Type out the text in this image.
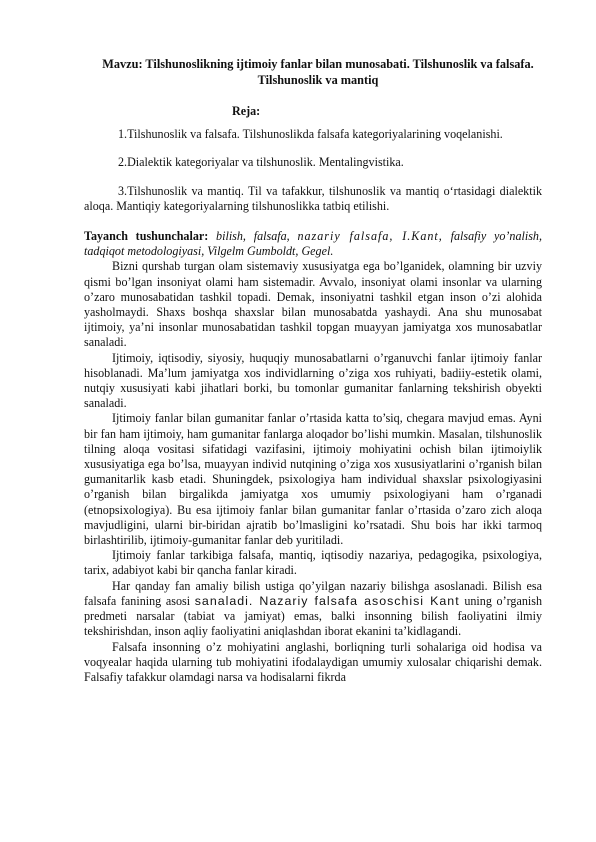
Mavzu: Tilshunoslikning ijtimoiy fanlar bilan munosabati. Tilshunoslik va falsafa. Tilshunoslik va mantiq

Reja:

1.Tilshunoslik va falsafa. Tilshunoslikda falsafa kategoriyalarining voqelanishi.

2.Dialektik kategoriyalar va tilshunoslik. Mentalingvistika.

3.Tilshunoslik va mantiq. Til va tafakkur, tilshunoslik va mantiq o‘rtasidagi dialektik aloqa. Mantiqiy kategoriyalarning tilshunoslikka tatbiq etilishi.

Tayanch tushunchalar: bilish, falsafa, nazariy falsafa, I.Kant, falsafiy yo’nalish, tadqiqot metodologiyasi, Vilgelm Gumboldt, Gegel.

Bizni qurshab turgan olam sistemaviy xususiyatga ega bo’lganidek, olamning bir uzviy qismi bo’lgan insoniyat olami ham sistemadir. Avvalo, insoniyat olami insonlar va ularning o’zaro munosabatidan tashkil topadi. Demak, insoniyatni tashkil etgan inson o’zi alohida yasholmaydi. Shaxs boshqa shaxslar bilan munosabatda yashaydi. Ana shu munosabat ijtimoiy, ya’ni insonlar munosabatidan tashkil topgan muayyan jamiyatga xos munosabatlar sanaladi.

Ijtimoiy, iqtisodiy, siyosiy, huquqiy munosabatlarni o’rganuvchi fanlar ijtimoiy fanlar hisoblanadi. Ma’lum jamiyatga xos individlarning o’ziga xos ruhiyati, badiiy-estetik olami, nutqiy xususiyati kabi jihatlari borki, bu tomonlar gumanitar fanlarning tekshirish obyekti sanaladi.

Ijtimoiy fanlar bilan gumanitar fanlar o’rtasida katta to’siq, chegara mavjud emas. Ayni bir fan ham ijtimoiy, ham gumanitar fanlarga aloqador bo’lishi mumkin. Masalan, tilshunoslik tilning aloqa vositasi sifatidagi vazifasini, ijtimoiy mohiyatini ochish bilan ijtimoiylik xususiyatiga ega bo’lsa, muayyan individ nutqining o’ziga xos xususiyatlarini o’rganish bilan gumanitarlik kasb etadi. Shuningdek, psixologiya ham individual shaxslar psixologiyasini o’rganish bilan birgalikda jamiyatga xos umumiy psixologiyani ham o’rganadi (etnopsixologiya). Bu esa ijtimoiy fanlar bilan gumanitar fanlar o’rtasida o’zaro zich aloqa mavjudligini, ularni bir-biridan ajratib bo’lmasligini ko’rsatadi. Shu bois har ikki tarmoq birlashtirilib, ijtimoiy-gumanitar fanlar deb yuritiladi.

Ijtimoiy fanlar tarkibiga falsafa, mantiq, iqtisodiy nazariya, pedagogika, psixologiya, tarix, adabiyot kabi bir qancha fanlar kiradi.

Har qanday fan amaliy bilish ustiga qo’yilgan nazariy bilishga asoslanadi. Bilish esa falsafa fanining asosi sanaladi. Nazariy falsafa asoschisi Kant uning o’rganish predmeti narsalar (tabiat va jamiyat) emas, balki insonning bilish faoliyatini ilmiy tekshirishdan, inson aqliy faoliyatini aniqlashdan iborat ekanini ta’kidlagandi.

Falsafa insonning o’z mohiyatini anglashi, borliqning turli sohalariga oid hodisa va voqyealar haqida ularning tub mohiyatini ifodalaydigan umumiy xulosalar chiqarishi demak. Falsafiy tafakkur olamdagi narsa va hodisalarni fikrda
